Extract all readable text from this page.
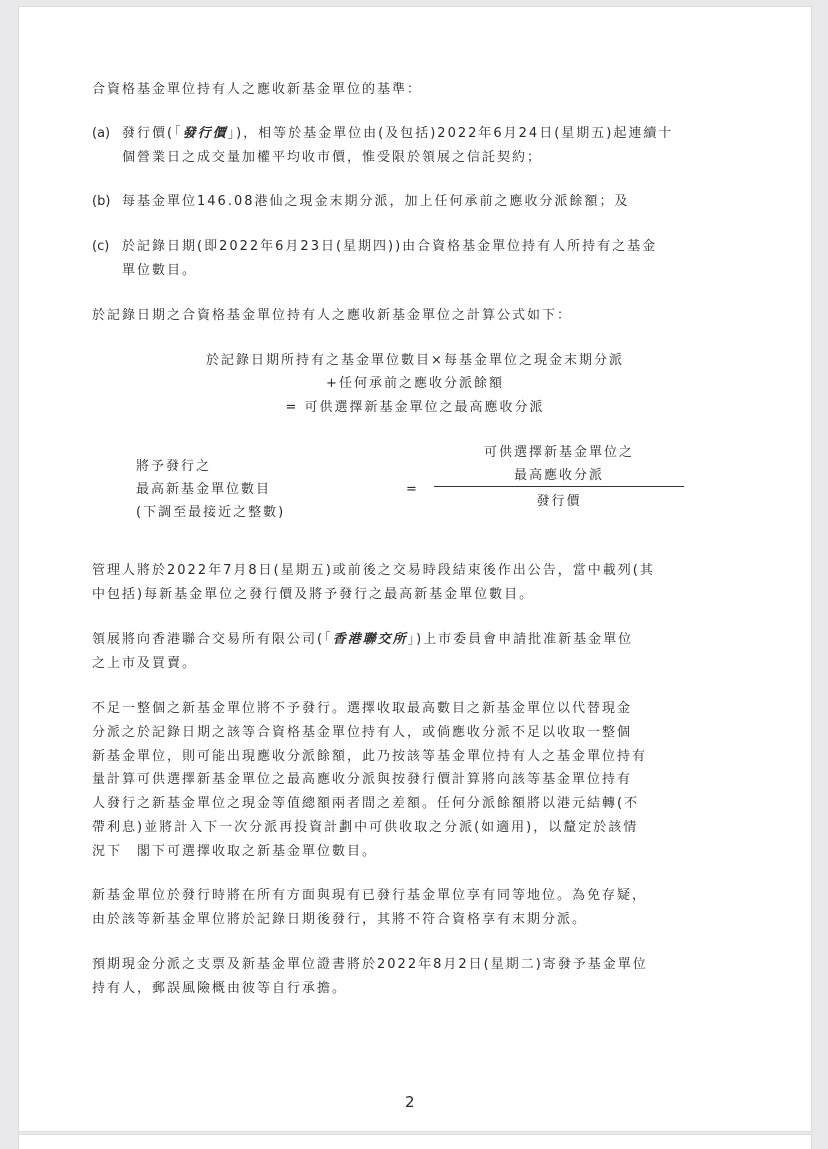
合資格基金單位持有人之應收新基金單位的基準：

(a) 發行價(「發行價」)，相等於基金單位由(及包括)2022年6月24日(星期五)起連續十

個營業日之成交量加權平均收市價，惟受限於領展之信託契約；

(b) 每基金單位146.08港仙之現金末期分派，加上任何承前之應收分派餘額；及

(c) 於記錄日期(即2022年6月23日(星期四))由合資格基金單位持有人所持有之基金

單位數目。

於記錄日期之合資格基金單位持有人之應收新基金單位之計算公式如下：

於記錄日期所持有之基金單位數目×每基金單位之現金末期分派

+任何承前之應收分派餘額

= 可供選擇新基金單位之最高應收分派

將予發行之

最高新基金單位數目

(下調至最接近之整數)

=

可供選擇新基金單位之

最高應收分派

發行價

管理人將於2022年7月8日(星期五)或前後之交易時段結束後作出公告，當中載列(其

中包括)每新基金單位之發行價及將予發行之最高新基金單位數目。

領展將向香港聯合交易所有限公司(「香港聯交所」)上市委員會申請批准新基金單位

之上市及買賣。

不足一整個之新基金單位將不予發行。選擇收取最高數目之新基金單位以代替現金

分派之於記錄日期之該等合資格基金單位持有人，或倘應收分派不足以收取一整個

新基金單位，則可能出現應收分派餘額，此乃按該等基金單位持有人之基金單位持有

量計算可供選擇新基金單位之最高應收分派與按發行價計算將向該等基金單位持有

人發行之新基金單位之現金等值總額兩者間之差額。任何分派餘額將以港元結轉(不

帶利息)並將計入下一次分派再投資計劃中可供收取之分派(如適用)，以釐定於該情

況下　閣下可選擇收取之新基金單位數目。

新基金單位於發行時將在所有方面與現有已發行基金單位享有同等地位。為免存疑，

由於該等新基金單位將於記錄日期後發行，其將不符合資格享有末期分派。

預期現金分派之支票及新基金單位證書將於2022年8月2日(星期二)寄發予基金單位

持有人，郵誤風險概由彼等自行承擔。

2
